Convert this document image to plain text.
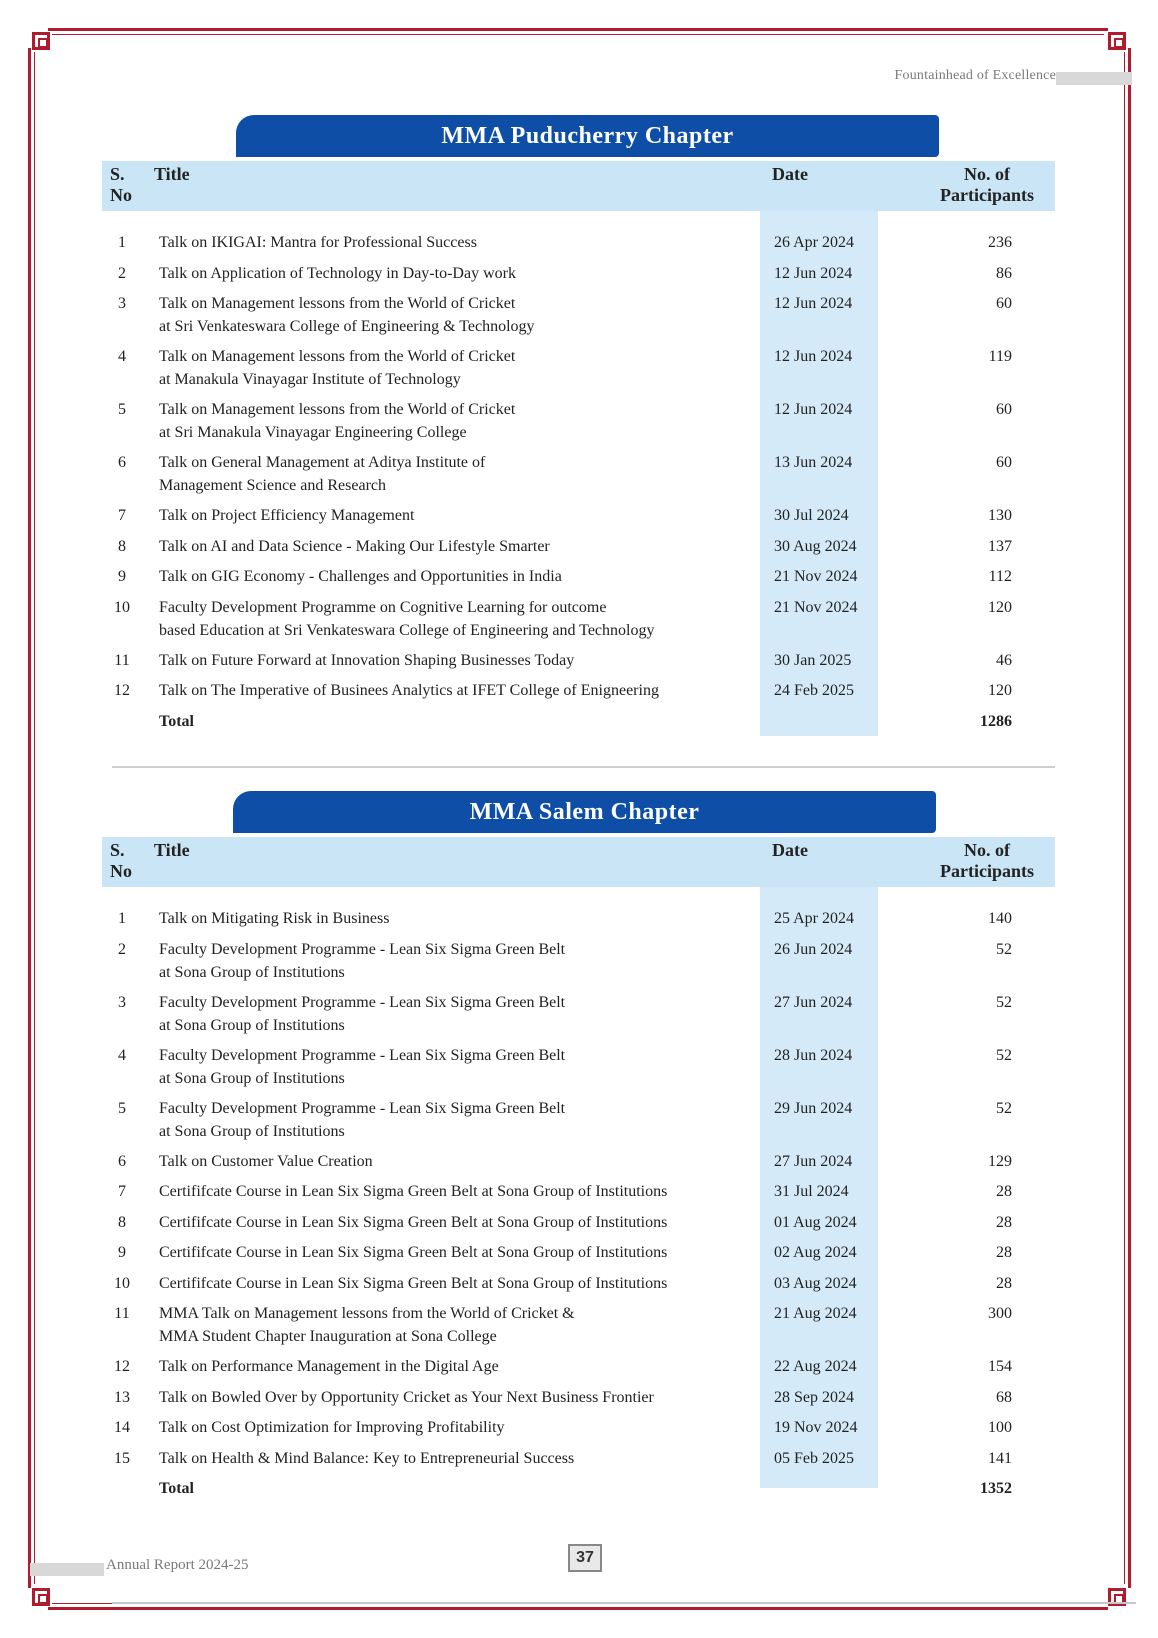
Fountainhead of Excellence
MMA Puducherry Chapter
S. No
Title	Date	No. of Participants
1	Talk on IKIGAI: Mantra for Professional Success	26 Apr 2024	236
2	Talk on Application of Technology in Day-to-Day work	12 Jun 2024	86
3	Talk on Management lessons from the World of Cricket
at Sri Venkateswara College of Engineering & Technology
12 Jun 2024	60
4	Talk on Management lessons from the World of Cricket
at Manakula Vinayagar Institute of Technology
12 Jun 2024	119
5	Talk on Management lessons from the World of Cricket
at Sri Manakula Vinayagar Engineering College
12 Jun 2024	60
6	Talk on General Management at Aditya Institute of
Management Science and Research
13 Jun 2024	60
7	Talk on Project Efficiency Management	30 Jul 2024	130
8	Talk on AI and Data Science - Making Our Lifestyle Smarter	30 Aug 2024	137
9	Talk on GIG Economy - Challenges and Opportunities in India	21 Nov 2024	112
10	Faculty Development Programme on Cognitive Learning for outcome
based Education at Sri Venkateswara College of Engineering and Technology
21 Nov 2024	120
11	Talk on Future Forward at Innovation Shaping Businesses Today	30 Jan 2025	46
12	Talk on The Imperative of Businees Analytics at IFET College of Enigneering	24 Feb 2025	120
Total	1286
MMA Salem Chapter
S. No
Title	Date	No. of Participants
1	Talk on Mitigating Risk in Business	25 Apr 2024	140
2	Faculty Development Programme - Lean Six Sigma Green Belt
at Sona Group of Institutions
26 Jun 2024	52
3	Faculty Development Programme - Lean Six Sigma Green Belt
at Sona Group of Institutions
27 Jun 2024	52
4	Faculty Development Programme - Lean Six Sigma Green Belt
at Sona Group of Institutions
28 Jun 2024	52
5	Faculty Development Programme - Lean Six Sigma Green Belt
at Sona Group of Institutions
29 Jun 2024	52
6	Talk on Customer Value Creation	27 Jun 2024	129
7	Certififcate Course in Lean Six Sigma Green Belt at Sona Group of Institutions	31 Jul 2024	28
8	Certififcate Course in Lean Six Sigma Green Belt at Sona Group of Institutions	01 Aug 2024	28
9	Certififcate Course in Lean Six Sigma Green Belt at Sona Group of Institutions	02 Aug 2024	28
10	Certififcate Course in Lean Six Sigma Green Belt at Sona Group of Institutions	03 Aug 2024	28
11	MMA Talk on Management lessons from the World of Cricket &
MMA Student Chapter Inauguration at Sona College
21 Aug 2024	300
12	Talk on Performance Management in the Digital Age	22 Aug 2024	154
13	Talk on Bowled Over by Opportunity Cricket as Your Next Business Frontier	28 Sep 2024	68
14	Talk on Cost Optimization for Improving Profitability	19 Nov 2024	100
15	Talk on Health & Mind Balance: Key to Entrepreneurial Success	05 Feb 2025	141
Total	1352
Annual Report 2024-25	37
